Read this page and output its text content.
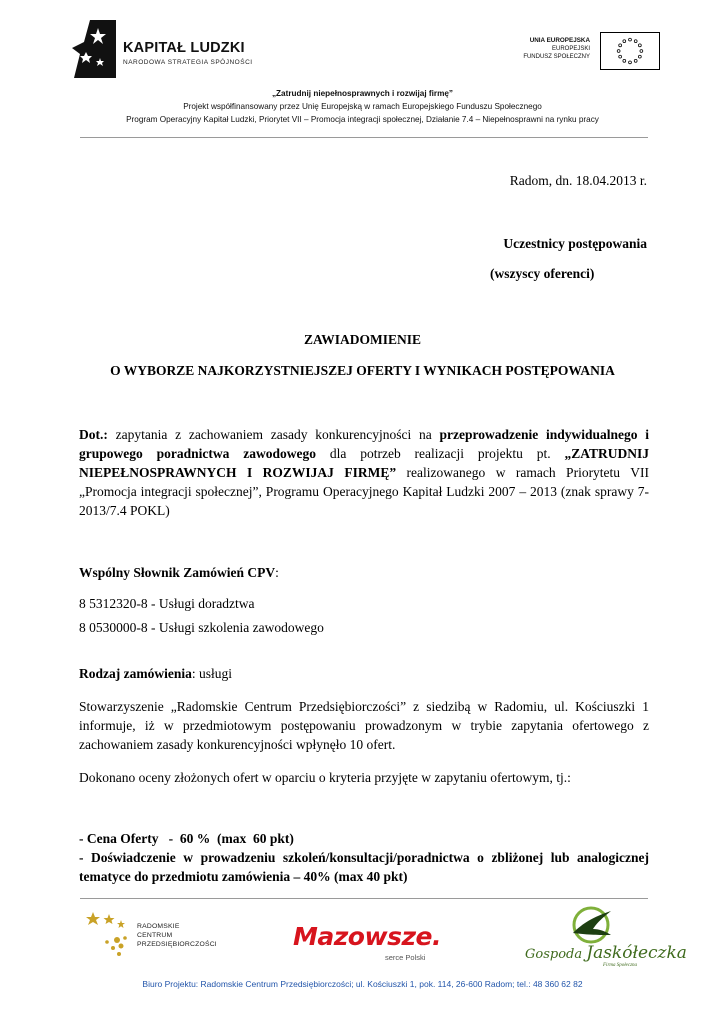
KAPITAŁ LUDZKI
NARODOWA STRATEGIA SPÓJNOŚCI
UNIA EUROPEJSKA
EUROPEJSKI
FUNDUSZ SPOŁECZNY
„Zatrudnij niepełnosprawnych i rozwijaj firmę”
Projekt współfinansowany przez Unię Europejską w ramach Europejskiego Funduszu Społecznego
Program Operacyjny Kapitał Ludzki, Priorytet VII – Promocja integracji społecznej, Działanie 7.4 – Niepełnosprawni na rynku pracy
Radom, dn. 18.04.2013 r.
Uczestnicy postępowania
(wszyscy oferenci)
ZAWIADOMIENIE
O WYBORZE NAJKORZYSTNIEJSZEJ OFERTY I WYNIKACH POSTĘPOWANIA
Dot.: zapytania z zachowaniem zasady konkurencyjności na przeprowadzenie indywidualnego i grupowego poradnictwa zawodowego dla potrzeb realizacji projektu pt. „ZATRUDNIJ NIEPEŁNOSPRAWNYCH I ROZWIJAJ FIRMĘ” realizowanego w ramach Priorytetu VII „Promocja integracji społecznej”, Programu Operacyjnego Kapitał Ludzki 2007 – 2013 (znak sprawy 7-2013/7.4 POKL)
Wspólny Słownik Zamówień CPV:
8 5312320-8 - Usługi doradztwa
8 0530000-8 - Usługi szkolenia zawodowego
Rodzaj zamówienia: usługi
Stowarzyszenie „Radomskie Centrum Przedsiębiorczości” z siedzibą w Radomiu, ul. Kościuszki 1 informuje, iż w przedmiotowym postępowaniu prowadzonym w trybie zapytania ofertowego z zachowaniem zasady konkurencyjności wpłynęło 10 ofert.
Dokonano oceny złożonych ofert w oparciu o kryteria przyjęte w zapytaniu ofertowym, tj.:
- Cena Oferty   -  60 %  (max  60 pkt)
- Doświadczenie w prowadzeniu szkoleń/konsultacji/poradnictwa o zbliżonej lub analogicznej tematyce do przedmiotu zamówienia – 40% (max 40 pkt)
RADOMSKIE
CENTRUM
PRZEDSIĘBIORCZOŚCI	Mazowsze.
serce Polski	Gospoda Jaskółeczka
Firma Społeczna
Biuro Projektu: Radomskie Centrum Przedsiębiorczości; ul. Kościuszki 1, pok. 114, 26-600 Radom; tel.: 48 360 62 82
